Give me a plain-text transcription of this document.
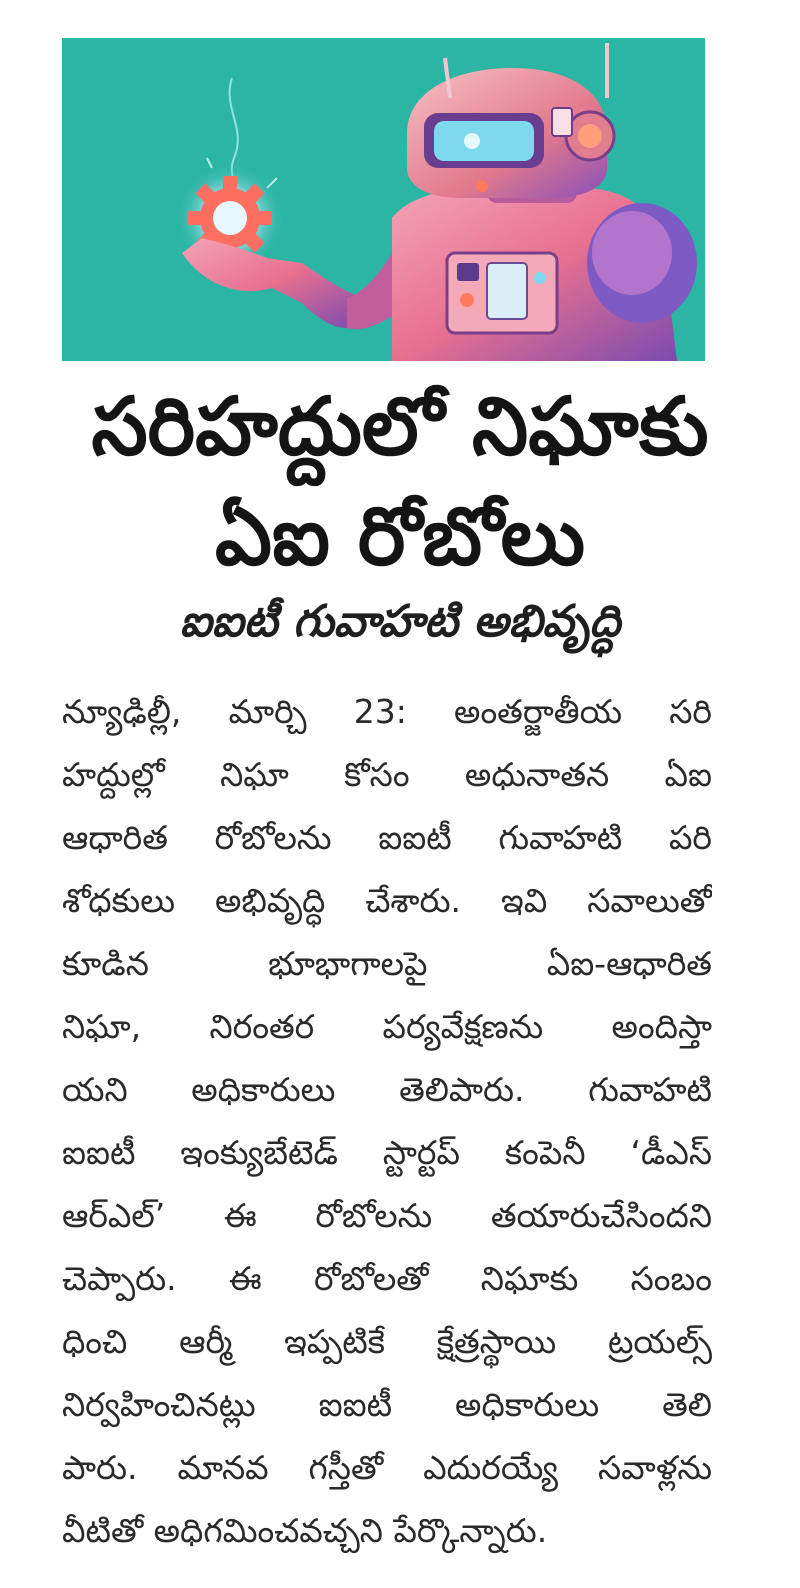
సరిహద్దులో నిఘాకు
ఏఐ రోబోలు
ఐఐటీ గువాహటి అభివృద్ధి
న్యూఢిల్లీ, మార్చి 23: అంతర్జాతీయ సరి
హద్దుల్లో నిఘా కోసం అధునాతన ఏఐ
ఆధారిత రోబోలను ఐఐటీ గువాహటి పరి
శోధకులు అభివృద్ధి చేశారు. ఇవి సవాలుతో
కూడిన భూభాగాలపై ఏఐ-ఆధారిత
నిఘా, నిరంతర పర్యవేక్షణను అందిస్తా
యని అధికారులు తెలిపారు. గువాహటి
ఐఐటీ ఇంక్యుబేటెడ్ స్టార్టప్ కంపెనీ ‘డీఎస్
ఆర్ఎల్’ ఈ రోబోలను తయారుచేసిందని
చెప్పారు. ఈ రోబోలతో నిఘాకు సంబం
ధించి ఆర్మీ ఇప్పటికే క్షేత్రస్థాయి ట్రయల్స్
నిర్వహించినట్లు ఐఐటీ అధికారులు తెలి
పారు. మానవ గస్తీతో ఎదురయ్యే సవాళ్లను
వీటితో అధిగమించవచ్చని పేర్కొన్నారు.
